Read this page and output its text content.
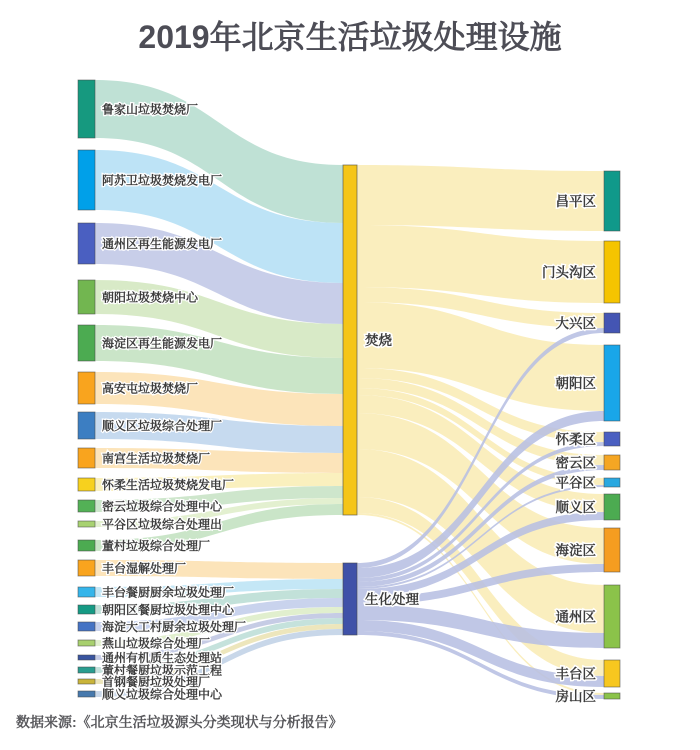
2019年北京生活垃圾处理设施
鲁家山垃圾焚烧厂
阿苏卫垃圾焚烧发电厂
通州区再生能源发电厂
朝阳垃圾焚烧中心
海淀区再生能源发电厂
高安屯垃圾焚烧厂
顺义区垃圾综合处理厂
南宫生活垃圾焚烧厂
怀柔生活垃圾焚烧发电厂
密云垃圾综合处理中心
平谷区垃圾综合处理出
董村垃圾综合处理厂
丰台湿解处理厂
丰台餐厨厨余垃圾处理厂
朝阳区餐厨垃圾处理中心
海淀大工村厨余垃圾处理厂
燕山垃圾综合处理厂
通州有机质生态处理站
董村餐厨垃圾示范工程
首钢餐厨垃圾处理厂
顺义垃圾综合处理中心
焚烧
生化处理
昌平区
门头沟区
大兴区
朝阳区
怀柔区
密云区
平谷区
顺义区
海淀区
通州区
丰台区
房山区
数据来源:《北京生活垃圾源头分类现状与分析报告》
